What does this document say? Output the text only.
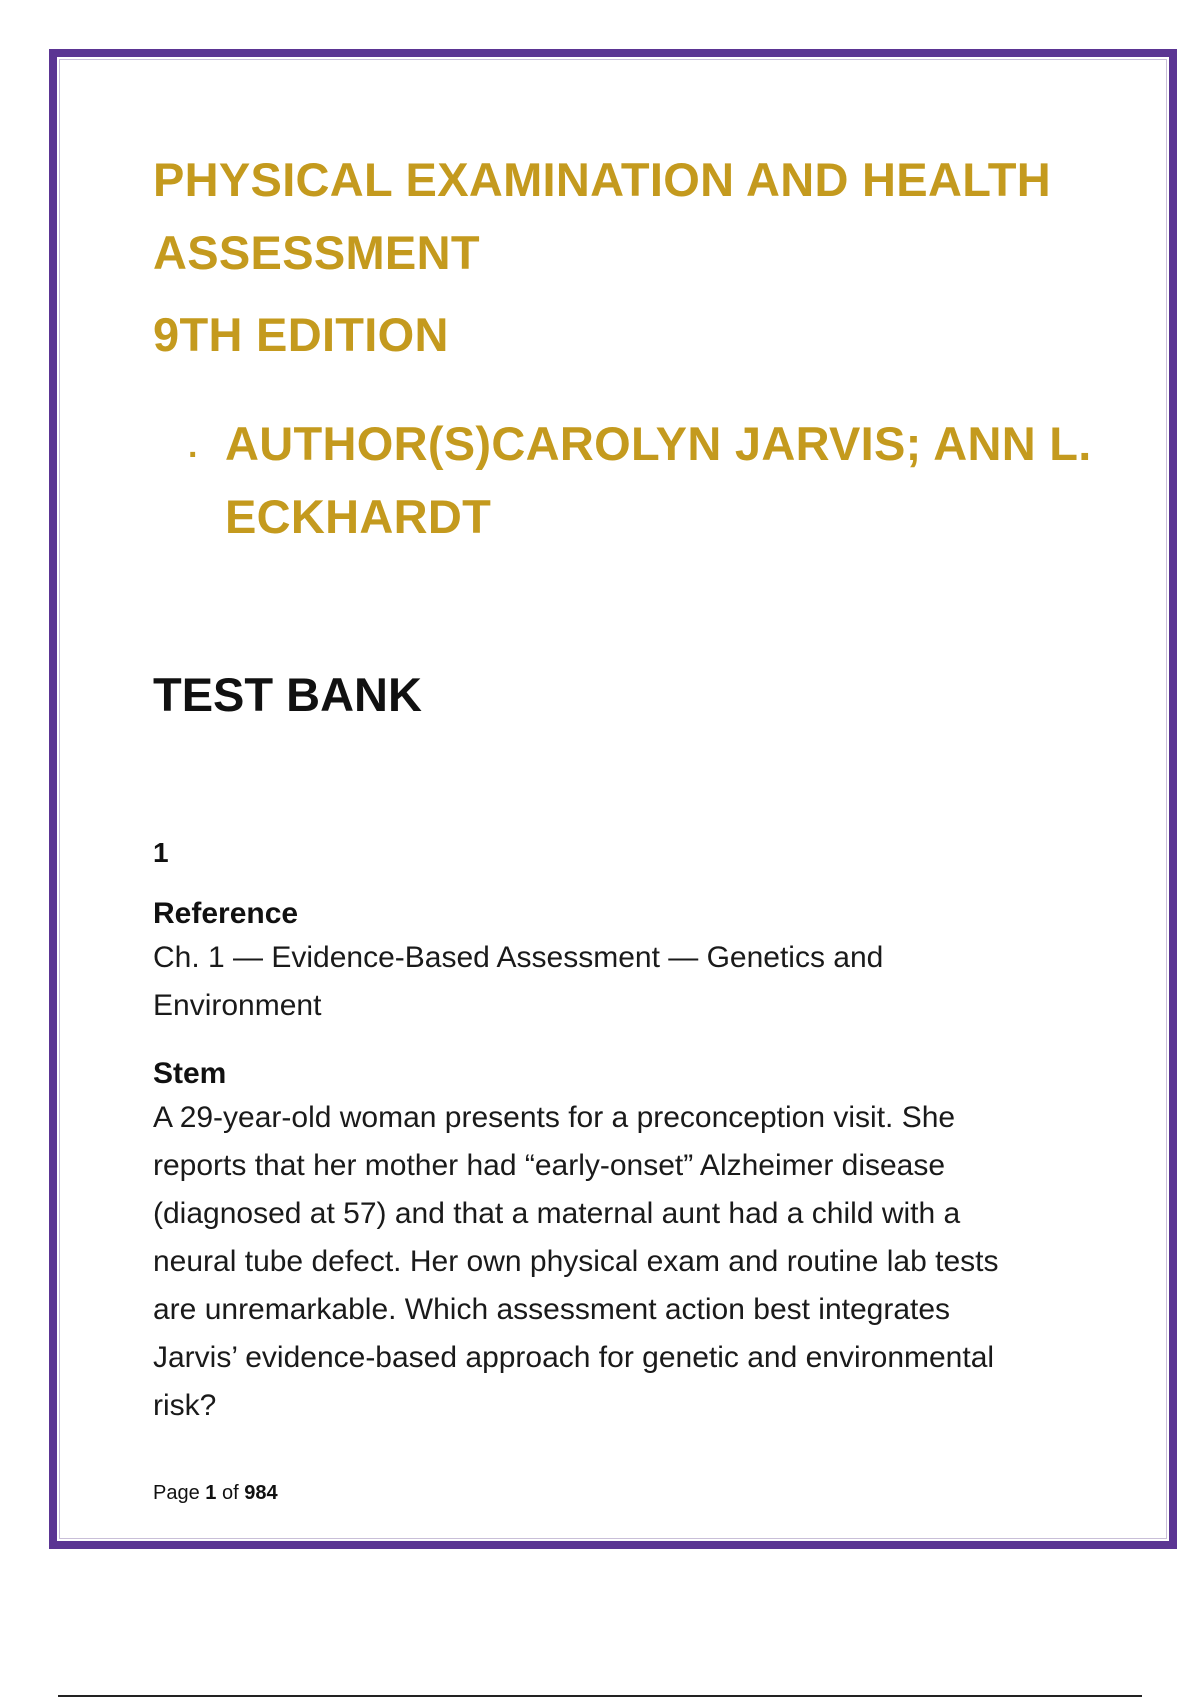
PHYSICAL EXAMINATION AND HEALTH
ASSESSMENT
9TH EDITION
. AUTHOR(S)CAROLYN JARVIS; ANN L.
ECKHARDT
TEST BANK

1

Reference

Ch. 1 — Evidence-Based Assessment — Genetics and

Environment

Stem

A 29-year-old woman presents for a preconception visit. She

reports that her mother had “early-onset” Alzheimer disease

(diagnosed at 57) and that a maternal aunt had a child with a

neural tube defect. Her own physical exam and routine lab tests

are unremarkable. Which assessment action best integrates

Jarvis’ evidence-based approach for genetic and environmental

risk?

Page 1 of 984
